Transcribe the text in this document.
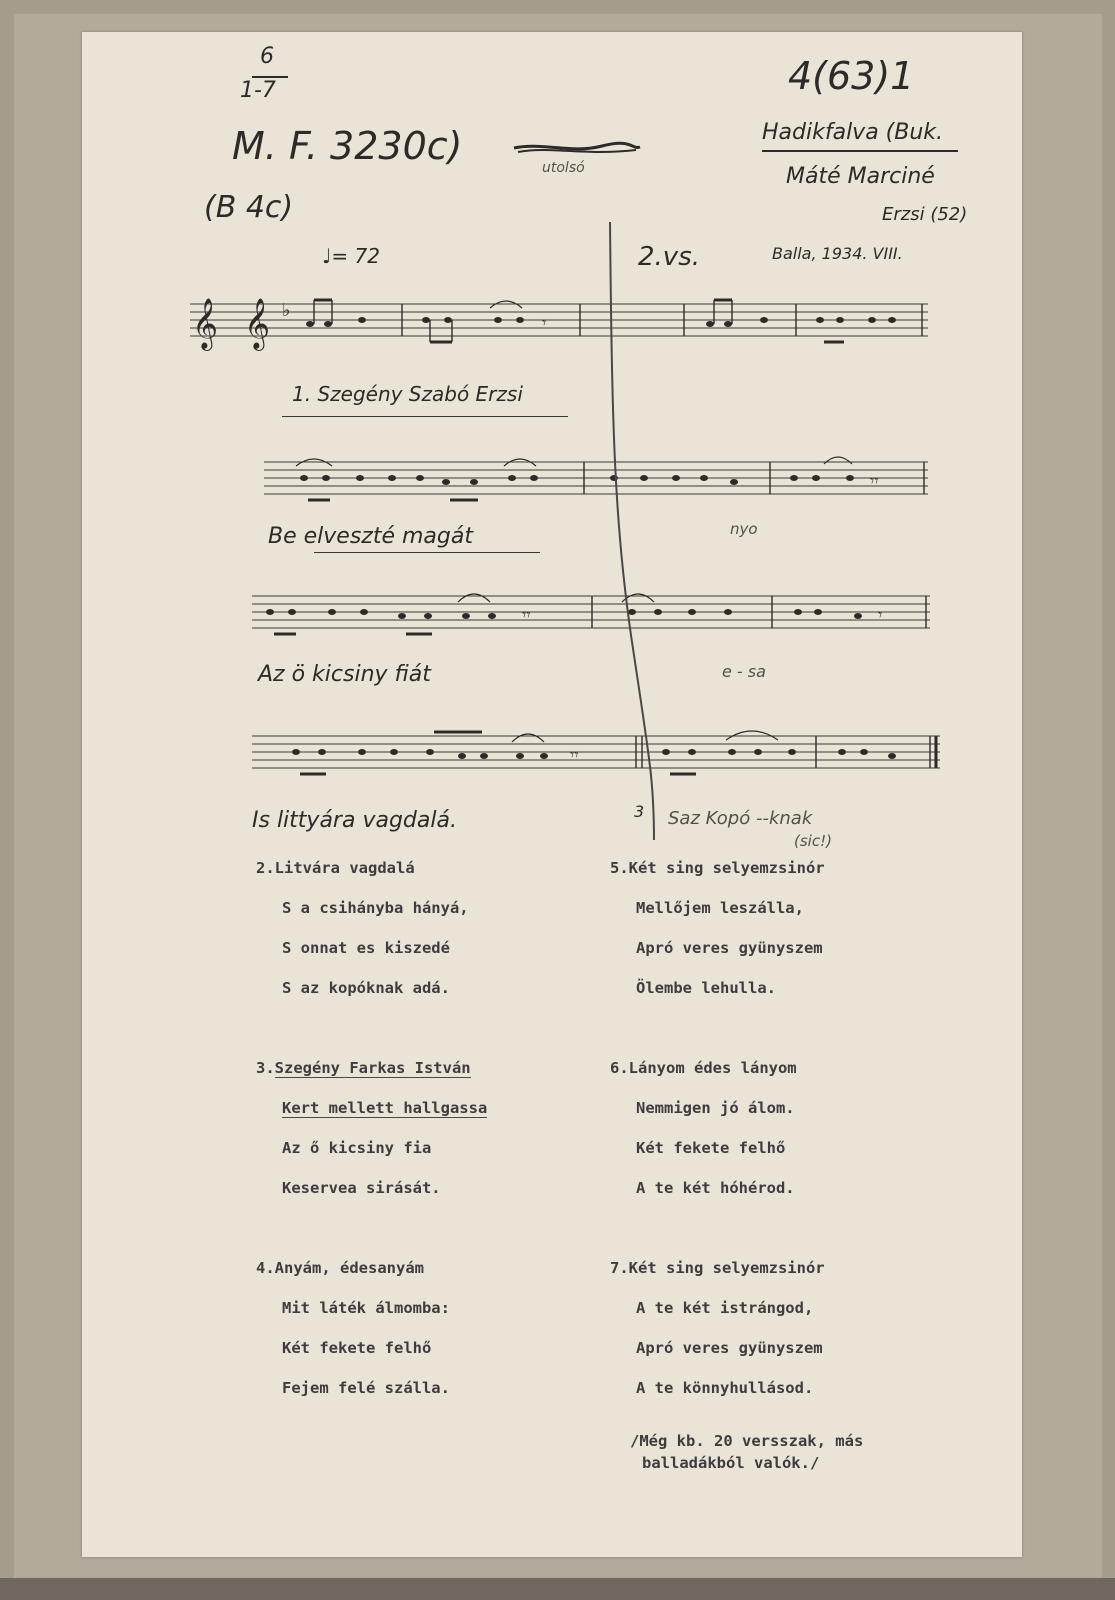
6
1-7
M. F. 3230c)	utolsó
(B 4c)
4(63)1
Hadikfalva (Buk.
Máté Marciné
Erzsi (52)
Balla, 1934. VIII.
♩= 72	2.vs.
𝄞 𝄞 ♭
𝄾
1. Szegény Szabó Erzsi
𝄾𝄾
Be elveszté magát	nyo
𝄾𝄾	𝄾
Az ö kicsiny fiát	e - sa
𝄾𝄾
Is littyára vagdalá.	3 Saz Kopó --knak
(sic!)
2.Litvára vagdalá
S a csihányba hányá,
S onnat es kiszedé
S az kopóknak adá.
3.Szegény Farkas István
Kert mellett hallgassa
Az ő kicsiny fia
Keservea sirását.
4.Anyám, édesanyám
Mit láték álmomba:
Két fekete felhő
Fejem felé szálla.
5.Két sing selyemzsinór
Mellőjem leszálla,
Apró veres gyünyszem
Ölembe lehulla.
6.Lányom édes lányom
Nemmigen jó álom.
Két fekete felhő
A te két hóhérod.
7.Két sing selyemzsinór
A te két istrángod,
Apró veres gyünyszem
A te könnyhullásod.
/Még kb. 20 versszak, más
balladákból valók./
